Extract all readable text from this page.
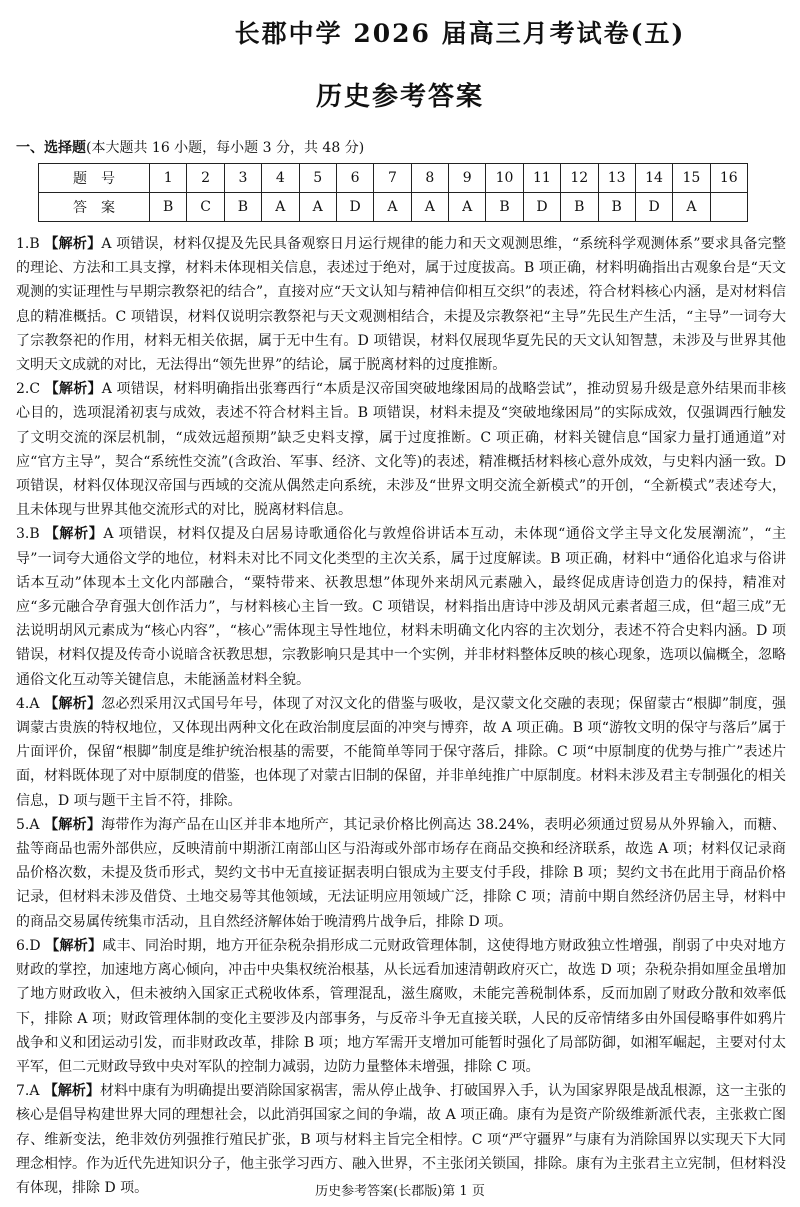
长郡中学 2026 届高三月考试卷(五)
历史参考答案
一、选择题(本大题共 16 小题，每小题 3 分，共 48 分)
题号	1	2	3	4	5	6	7	8	9	10	11	12	13	14	15	16
答案	B	C	B	A	A	D	A	A	A	B	D	B	B	D	A	

1.B 【解析】A 项错误，材料仅提及先民具备观察日月运行规律的能力和天文观测思维，“系统科学观测体系”要求具备完整的理论、方法和工具支撑，材料未体现相关信息，表述过于绝对，属于过度拔高。B 项正确，材料明确指出古观象台是“天文观测的实证理性与早期宗教祭祀的结合”，直接对应“天文认知与精神信仰相互交织”的表述，符合材料核心内涵，是对材料信息的精准概括。C 项错误，材料仅说明宗教祭祀与天文观测相结合，未提及宗教祭祀“主导”先民生产生活，“主导”一词夸大了宗教祭祀的作用，材料无相关依据，属于无中生有。D 项错误，材料仅展现华夏先民的天文认知智慧，未涉及与世界其他文明天文成就的对比，无法得出“领先世界”的结论，属于脱离材料的过度推断。

2.C 【解析】A 项错误，材料明确指出张骞西行“本质是汉帝国突破地缘困局的战略尝试”，推动贸易升级是意外结果而非核心目的，选项混淆初衷与成效，表述不符合材料主旨。B 项错误，材料未提及“突破地缘困局”的实际成效，仅强调西行触发了文明交流的深层机制，“成效远超预期”缺乏史料支撑，属于过度推断。C 项正确，材料关键信息“国家力量打通通道”对应“官方主导”，契合“系统性交流”(含政治、军事、经济、文化等)的表述，精准概括材料核心意外成效，与史料内涵一致。D 项错误，材料仅体现汉帝国与西域的交流从偶然走向系统，未涉及“世界文明交流全新模式”的开创，“全新模式”表述夸大，且未体现与世界其他交流形式的对比，脱离材料信息。

3.B 【解析】A 项错误，材料仅提及白居易诗歌通俗化与敦煌俗讲话本互动，未体现“通俗文学主导文化发展潮流”，“主导”一词夸大通俗文学的地位，材料未对比不同文化类型的主次关系，属于过度解读。B 项正确，材料中“通俗化追求与俗讲话本互动”体现本土文化内部融合，“粟特带来、祆教思想”体现外来胡风元素融入，最终促成唐诗创造力的保持，精准对应“多元融合孕育强大创作活力”，与材料核心主旨一致。C 项错误，材料指出唐诗中涉及胡风元素者超三成，但“超三成”无法说明胡风元素成为“核心内容”，“核心”需体现主导性地位，材料未明确文化内容的主次划分，表述不符合史料内涵。D 项错误，材料仅提及传奇小说暗含祆教思想，宗教影响只是其中一个实例，并非材料整体反映的核心现象，选项以偏概全，忽略通俗文化互动等关键信息，未能涵盖材料全貌。

4.A 【解析】忽必烈采用汉式国号年号，体现了对汉文化的借鉴与吸收，是汉蒙文化交融的表现；保留蒙古“根脚”制度，强调蒙古贵族的特权地位，又体现出两种文化在政治制度层面的冲突与博弈，故 A 项正确。B 项“游牧文明的保守与落后”属于片面评价，保留“根脚”制度是维护统治根基的需要，不能简单等同于保守落后，排除。C 项“中原制度的优势与推广”表述片面，材料既体现了对中原制度的借鉴，也体现了对蒙古旧制的保留，并非单纯推广中原制度。材料未涉及君主专制强化的相关信息，D 项与题干主旨不符，排除。

5.A 【解析】海带作为海产品在山区并非本地所产，其记录价格比例高达 38.24%，表明必须通过贸易从外界输入，而糖、盐等商品也需外部供应，反映清前中期浙江南部山区与沿海或外部市场存在商品交换和经济联系，故选 A 项；材料仅记录商品价格次数，未提及货币形式，契约文书中无直接证据表明白银成为主要支付手段，排除 B 项；契约文书在此用于商品价格记录，但材料未涉及借贷、土地交易等其他领域，无法证明应用领域广泛，排除 C 项；清前中期自然经济仍居主导，材料中的商品交易属传统集市活动，且自然经济解体始于晚清鸦片战争后，排除 D 项。

6.D 【解析】咸丰、同治时期，地方开征杂税杂捐形成二元财政管理体制，这使得地方财政独立性增强，削弱了中央对地方财政的掌控，加速地方离心倾向，冲击中央集权统治根基，从长远看加速清朝政府灭亡，故选 D 项；杂税杂捐如厘金虽增加了地方财政收入，但未被纳入国家正式税收体系，管理混乱，滋生腐败，未能完善税制体系，反而加剧了财政分散和效率低下，排除 A 项；财政管理体制的变化主要涉及内部事务，与反帝斗争无直接关联，人民的反帝情绪多由外国侵略事件如鸦片战争和义和团运动引发，而非财政改革，排除 B 项；地方军需开支增加可能暂时强化了局部防御，如湘军崛起，主要对付太平军，但二元财政导致中央对军队的控制力减弱，边防力量整体未增强，排除 C 项。

7.A 【解析】材料中康有为明确提出要消除国家祸害，需从停止战争、打破国界入手，认为国家界限是战乱根源，这一主张的核心是倡导构建世界大同的理想社会，以此消弭国家之间的争端，故 A 项正确。康有为是资产阶级维新派代表，主张救亡图存、维新变法，绝非效仿列强推行殖民扩张，B 项与材料主旨完全相悖。C 项“严守疆界”与康有为消除国界以实现天下大同理念相悖。作为近代先进知识分子，他主张学习西方、融入世界，不主张闭关锁国，排除。康有为主张君主立宪制，但材料没有体现，排除 D 项。	历史参考答案(长郡版)第 1 页
